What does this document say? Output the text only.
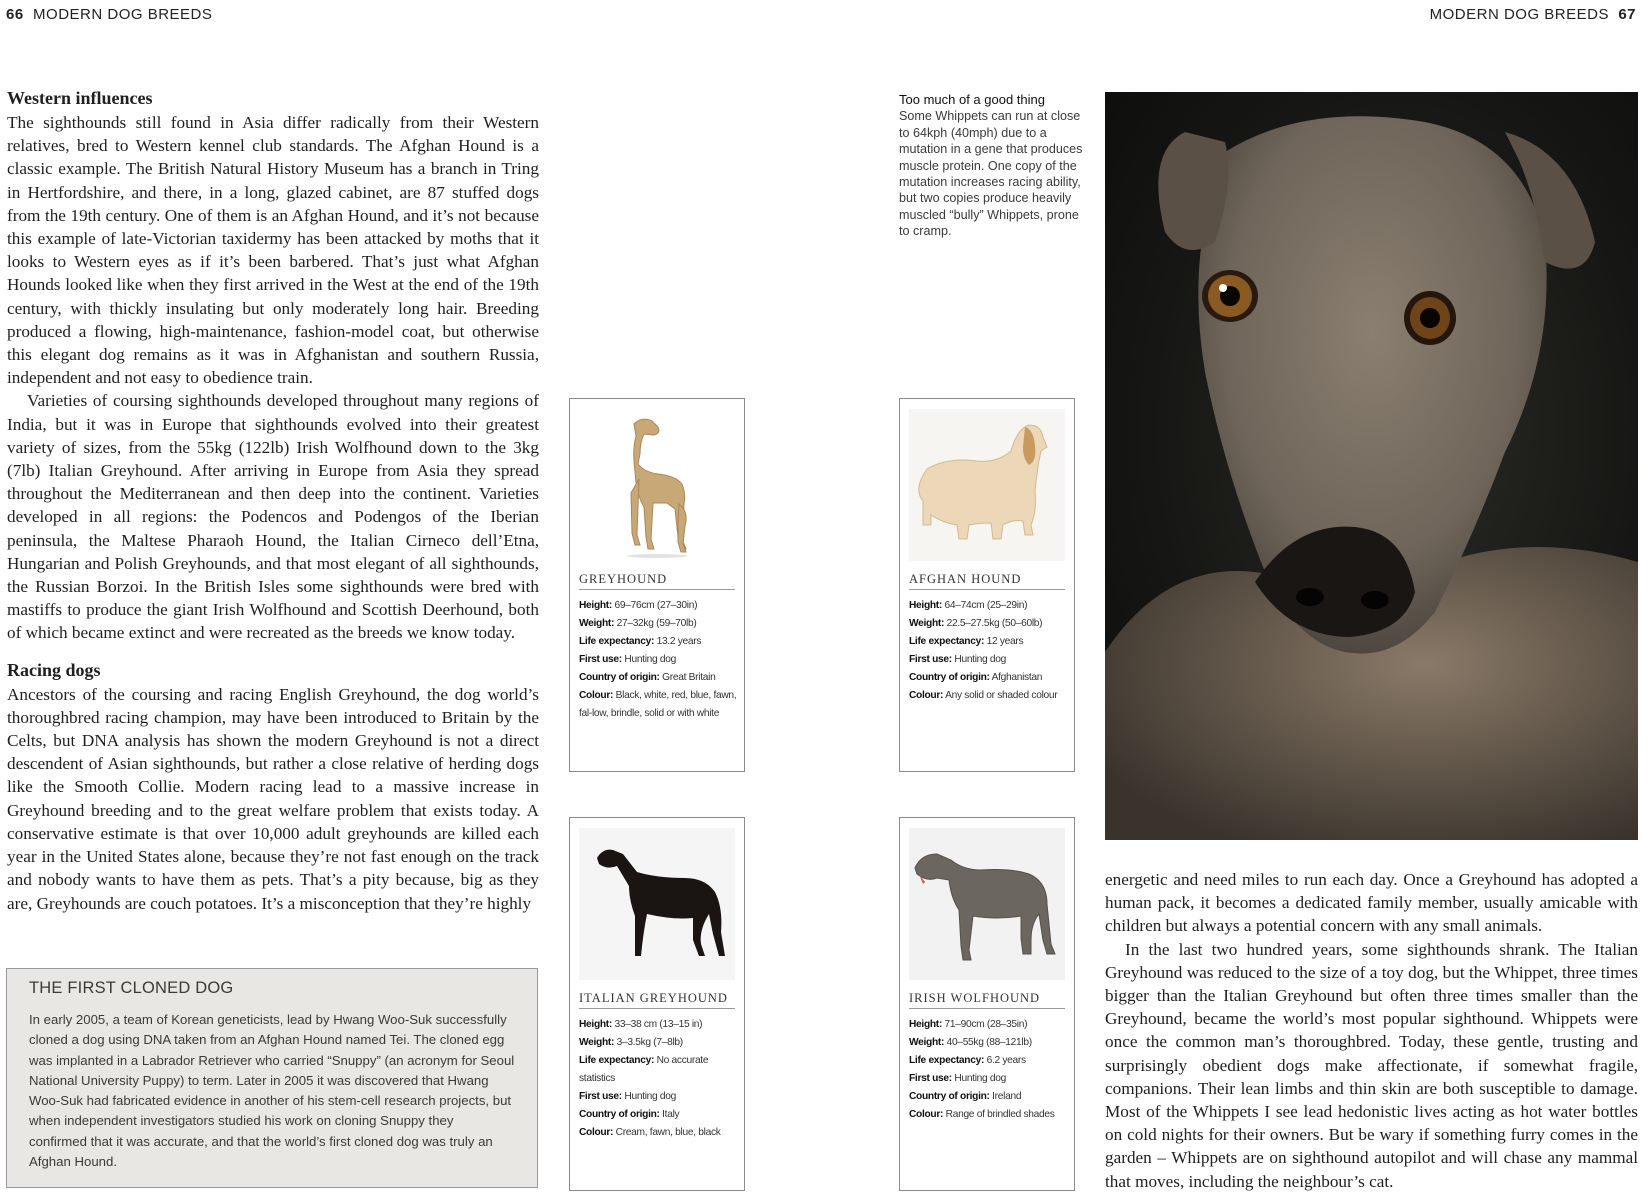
66 MODERN DOG BREEDS	MODERN DOG BREEDS 67
Western influences

The sighthounds still found in Asia differ radically from their Western relatives, bred to Western kennel club standards. The Afghan Hound is a classic example. The British Natural History Museum has a branch in Tring in Hertfordshire, and there, in a long, glazed cabinet, are 87 stuffed dogs from the 19th century. One of them is an Afghan Hound, and it’s not because this example of late-Victorian taxidermy has been attacked by moths that it looks to Western eyes as if it’s been barbered. That’s just what Afghan Hounds looked like when they first arrived in the West at the end of the 19th century, with thickly insulating but only moderately long hair. Breeding produced a flowing, high-maintenance, fashion-model coat, but otherwise this elegant dog remains as it was in Afghanistan and southern Russia, independent and not easy to obedience train.

Varieties of coursing sighthounds developed throughout many regions of India, but it was in Europe that sighthounds evolved into their greatest variety of sizes, from the 55kg (122lb) Irish Wolfhound down to the 3kg (7lb) Italian Greyhound. After arriving in Europe from Asia they spread throughout the Mediterranean and then deep into the continent. Varieties developed in all regions: the Podencos and Podengos of the Iberian peninsula, the Maltese Pharaoh Hound, the Italian Cirneco dell’Etna, Hungarian and Polish Greyhounds, and that most elegant of all sighthounds, the Russian Borzoi. In the British Isles some sighthounds were bred with mastiffs to produce the giant Irish Wolfhound and Scottish Deerhound, both of which became extinct and were recreated as the breeds we know today.

Racing dogs

Ancestors of the coursing and racing English Greyhound, the dog world’s thoroughbred racing champion, may have been introduced to Britain by the Celts, but DNA analysis has shown the modern Greyhound is not a direct descendent of Asian sighthounds, but rather a close relative of herding dogs like the Smooth Collie. Modern racing lead to a massive increase in Greyhound breeding and to the great welfare problem that exists today. A conservative estimate is that over 10,000 adult greyhounds are killed each year in the United States alone, because they’re not fast enough on the track and nobody wants to have them as pets. That’s a pity because, big as they are, Greyhounds are couch potatoes. It’s a misconception that they’re highly

THE FIRST CLONED DOG

In early 2005, a team of Korean geneticists, lead by Hwang Woo-Suk successfully cloned a dog using DNA taken from an Afghan Hound named Tei. The cloned egg was implanted in a Labrador Retriever who carried “Snuppy” (an acronym for Seoul National University Puppy) to term. Later in 2005 it was discovered that Hwang Woo-Suk had fabricated evidence in another of his stem-cell research projects, but when independent investigators studied his work on cloning Snuppy they confirmed that it was accurate, and that the world’s first cloned dog was truly an Afghan Hound.

Too much of a good thing
Some Whippets can run at close to 64kph (40mph) due to a mutation in a gene that produces muscle protein. One copy of the mutation increases racing ability, but two copies produce heavily muscled “bully” Whippets, prone to cramp.
GREYHOUND
Height: 69–76cm (27–30in)
Weight: 27–32kg (59–70lb)
Life expectancy: 13.2 years
First use: Hunting dog
Country of origin: Great Britain
Colour: Black, white, red, blue, fawn, fal-low, brindle, solid or with white
AFGHAN HOUND
Height: 64–74cm (25–29in)
Weight: 22.5–27.5kg (50–60lb)
Life expectancy: 12 years
First use: Hunting dog
Country of origin: Afghanistan
Colour: Any solid or shaded colour
ITALIAN GREYHOUND
Height: 33–38 cm (13–15 in)
Weight: 3–3.5kg (7–8lb)
Life expectancy: No accurate statistics
First use: Hunting dog
Country of origin: Italy
Colour: Cream, fawn, blue, black
IRISH WOLFHOUND
Height: 71–90cm (28–35in)
Weight: 40–55kg (88–121lb)
Life expectancy: 6.2 years
First use: Hunting dog
Country of origin: Ireland
Colour: Range of brindled shades

energetic and need miles to run each day. Once a Greyhound has adopted a human pack, it becomes a dedicated family member, usually amicable with children but always a potential concern with any small animals.

In the last two hundred years, some sighthounds shrank. The Italian Greyhound was reduced to the size of a toy dog, but the Whippet, three times bigger than the Italian Greyhound but often three times smaller than the Greyhound, became the world’s most popular sighthound. Whippets were once the common man’s thoroughbred. Today, these gentle, trusting and surprisingly obedient dogs make affectionate, if somewhat fragile, companions. Their lean limbs and thin skin are both susceptible to damage. Most of the Whippets I see lead hedonistic lives acting as hot water bottles on cold nights for their owners. But be wary if something furry comes in the garden – Whippets are on sighthound autopilot and will chase any mammal that moves, including the neighbour’s cat.
